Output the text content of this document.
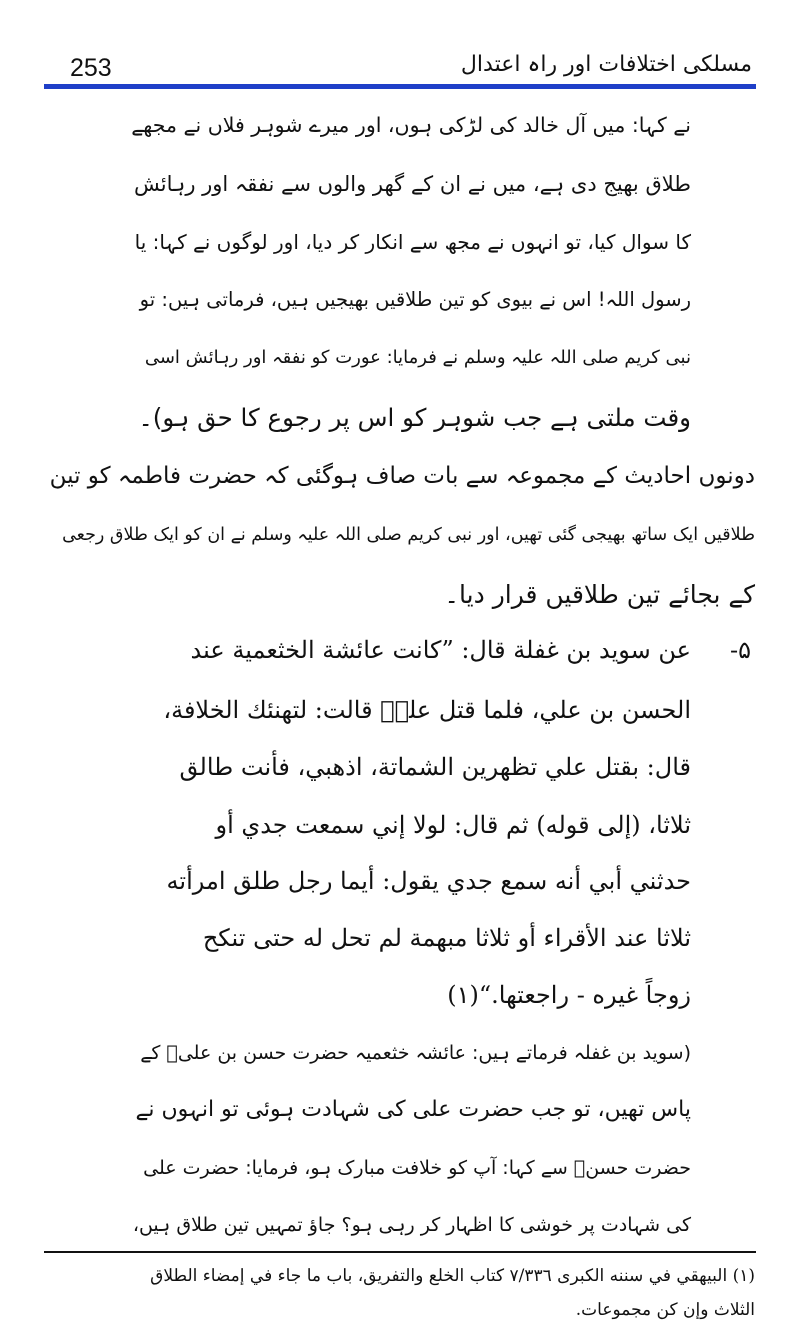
253	مسلکی اختلافات اور راہ اعتدال
نے کہا: میں آل خالد کی لڑکی ہوں، اور میرے شوہر فلاں نے مجھے
طلاق بھیج دی ہے، میں نے ان کے گھر والوں سے نفقہ اور رہائش
کا سوال کیا، تو انہوں نے مجھ سے انکار کر دیا، اور لوگوں نے کہا: یا
رسول اللہ! اس نے بیوی کو تین طلاقیں بھیجیں ہیں، فرماتی ہیں: تو
نبی کریم صلی اللہ علیہ وسلم نے فرمایا: عورت کو نفقہ اور رہائش اسی
وقت ملتی ہے جب شوہر کو اس پر رجوع کا حق ہو)۔
دونوں احادیث کے مجموعہ سے بات صاف ہوگئی کہ حضرت فاطمہ کو تین
طلاقیں ایک ساتھ بھیجی گئی تھیں، اور نبی کریم صلی اللہ علیہ وسلم نے ان کو ایک طلاق رجعی
کے بجائے تین طلاقیں قرار دیا۔
۵-
عن سويد بن غفلة قال: ”كانت عائشة الخثعمية عند
الحسن بن علي، فلما قتل عليؓ قالت: لتهنئك الخلافة،
قال: بقتل علي تظهرين الشماتة، اذهبي، فأنت طالق
ثلاثا، (إلى قوله) ثم قال: لولا إني سمعت جدي أو
حدثني أبي أنه سمع جدي يقول: أيما رجل طلق امرأته
ثلاثا عند الأقراء أو ثلاثا مبهمة لم تحل له حتى تنكح
زوجاً غيره - راجعتها.“(۱)
(سوید بن غفلہ فرماتے ہیں: عائشہ خثعمیہ حضرت حسن بن علیؓ کے
پاس تھیں، تو جب حضرت علی کی شہادت ہوئی تو انہوں نے
حضرت حسنؓ سے کہا: آپ کو خلافت مبارک ہو، فرمایا: حضرت علی
کی شہادت پر خوشی کا اظہار کر رہی ہو؟ جاؤ تمہیں تین طلاق ہیں،
(۱) البيهقي في سننه الكبرى ۷/۳۳٦ كتاب الخلع والتفريق، باب ما جاء في إمضاء الطلاق
الثلاث وإن كن مجموعات.
